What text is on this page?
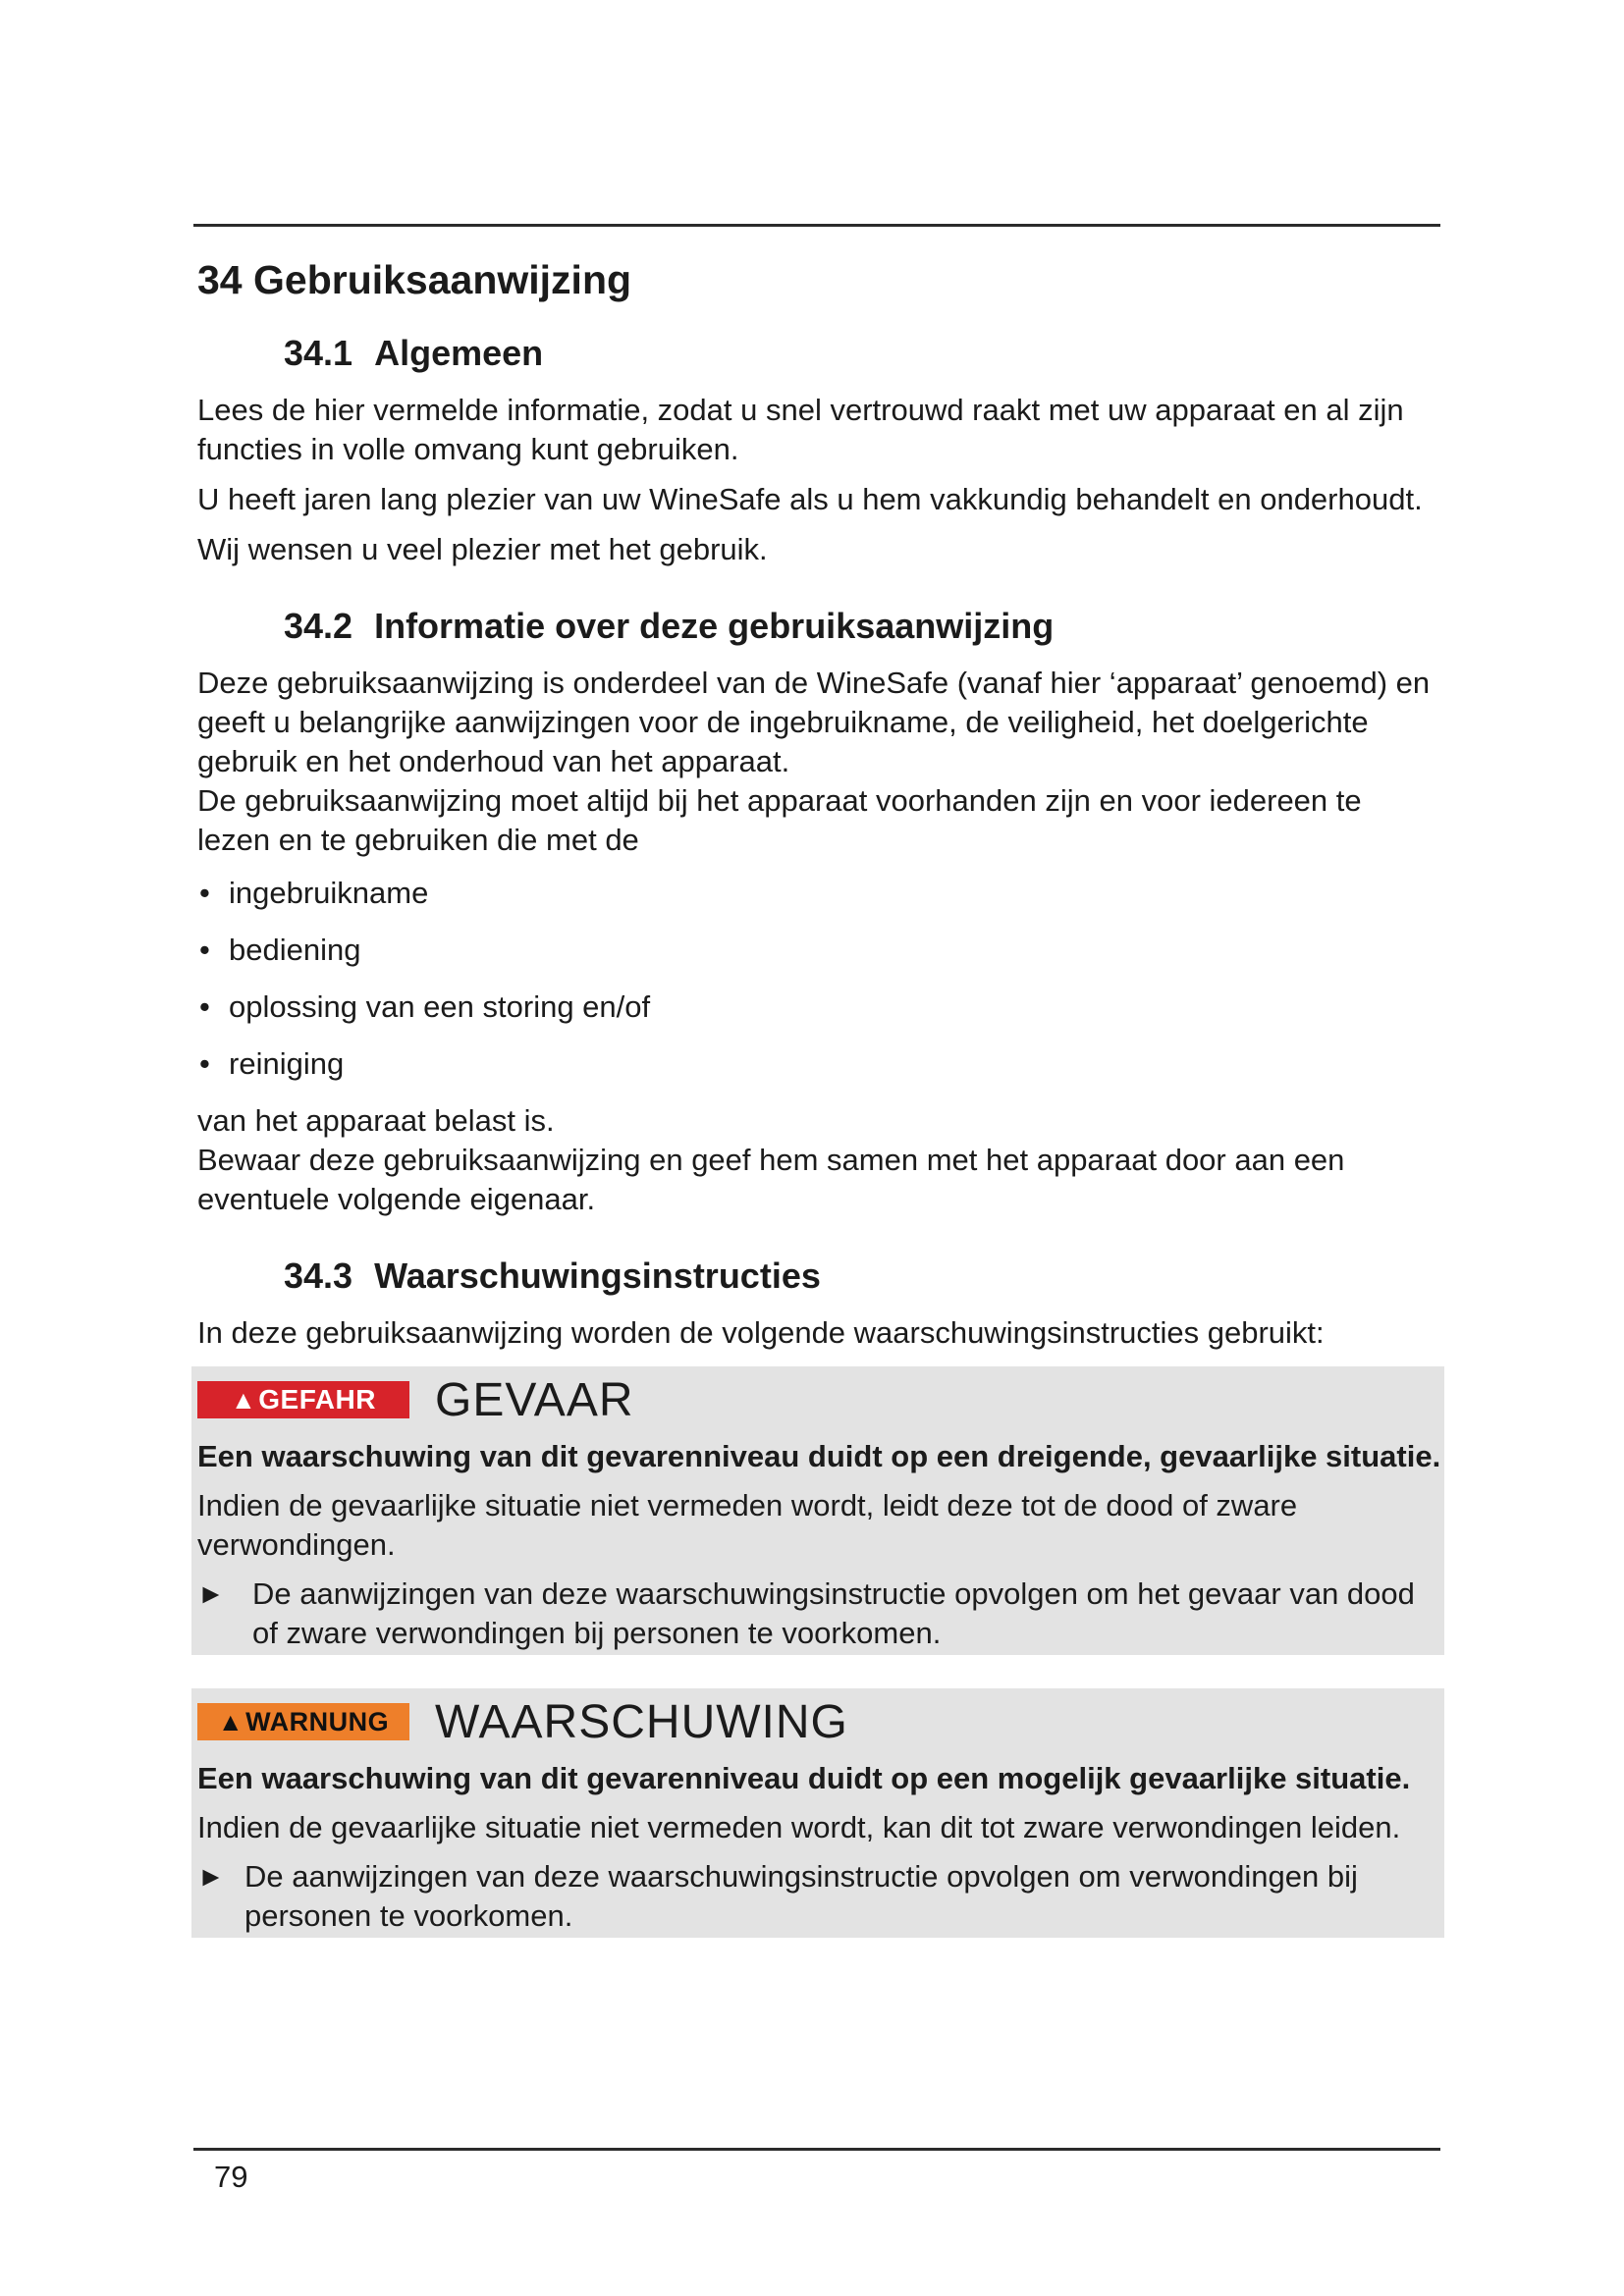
34 Gebruiksaanwijzing
34.1 Algemeen

Lees de hier vermelde informatie, zodat u snel vertrouwd raakt met uw apparaat en al zijn functies in volle omvang kunt gebruiken.

U heeft jaren lang plezier van uw WineSafe als u hem vakkundig behandelt en onderhoudt.

Wij wensen u veel plezier met het gebruik.

34.2 Informatie over deze gebruiksaanwijzing

Deze gebruiksaanwijzing is onderdeel van de WineSafe (vanaf hier ‘apparaat’ genoemd) en geeft u belangrijke aanwijzingen voor de ingebruikname, de veiligheid, het doelgerichte gebruik en het onderhoud van het apparaat.

De gebruiksaanwijzing moet altijd bij het apparaat voorhanden zijn en voor iedereen te lezen en te gebruiken die met de

• ingebruikname
• bediening
• oplossing van een storing en/of
• reiniging

van het apparaat belast is.

Bewaar deze gebruiksaanwijzing en geef hem samen met het apparaat door aan een eventuele volgende eigenaar.

34.3 Waarschuwingsinstructies

In deze gebruiksaanwijzing worden de volgende waarschuwingsinstructies gebruikt:

▲ GEFAHR GEVAAR

Een waarschuwing van dit gevarenniveau duidt op een dreigende, gevaarlijke situatie.

Indien de gevaarlijke situatie niet vermeden wordt, leidt deze tot de dood of zware verwondingen.

► De aanwijzingen van deze waarschuwingsinstructie opvolgen om het gevaar van dood of zware verwondingen bij personen te voorkomen.
▲ WARNUNG WAARSCHUWING

Een waarschuwing van dit gevarenniveau duidt op een mogelijk gevaarlijke situatie.

Indien de gevaarlijke situatie niet vermeden wordt, kan dit tot zware verwondingen leiden.

► De aanwijzingen van deze waarschuwingsinstructie opvolgen om verwondingen bij personen te voorkomen.
79
